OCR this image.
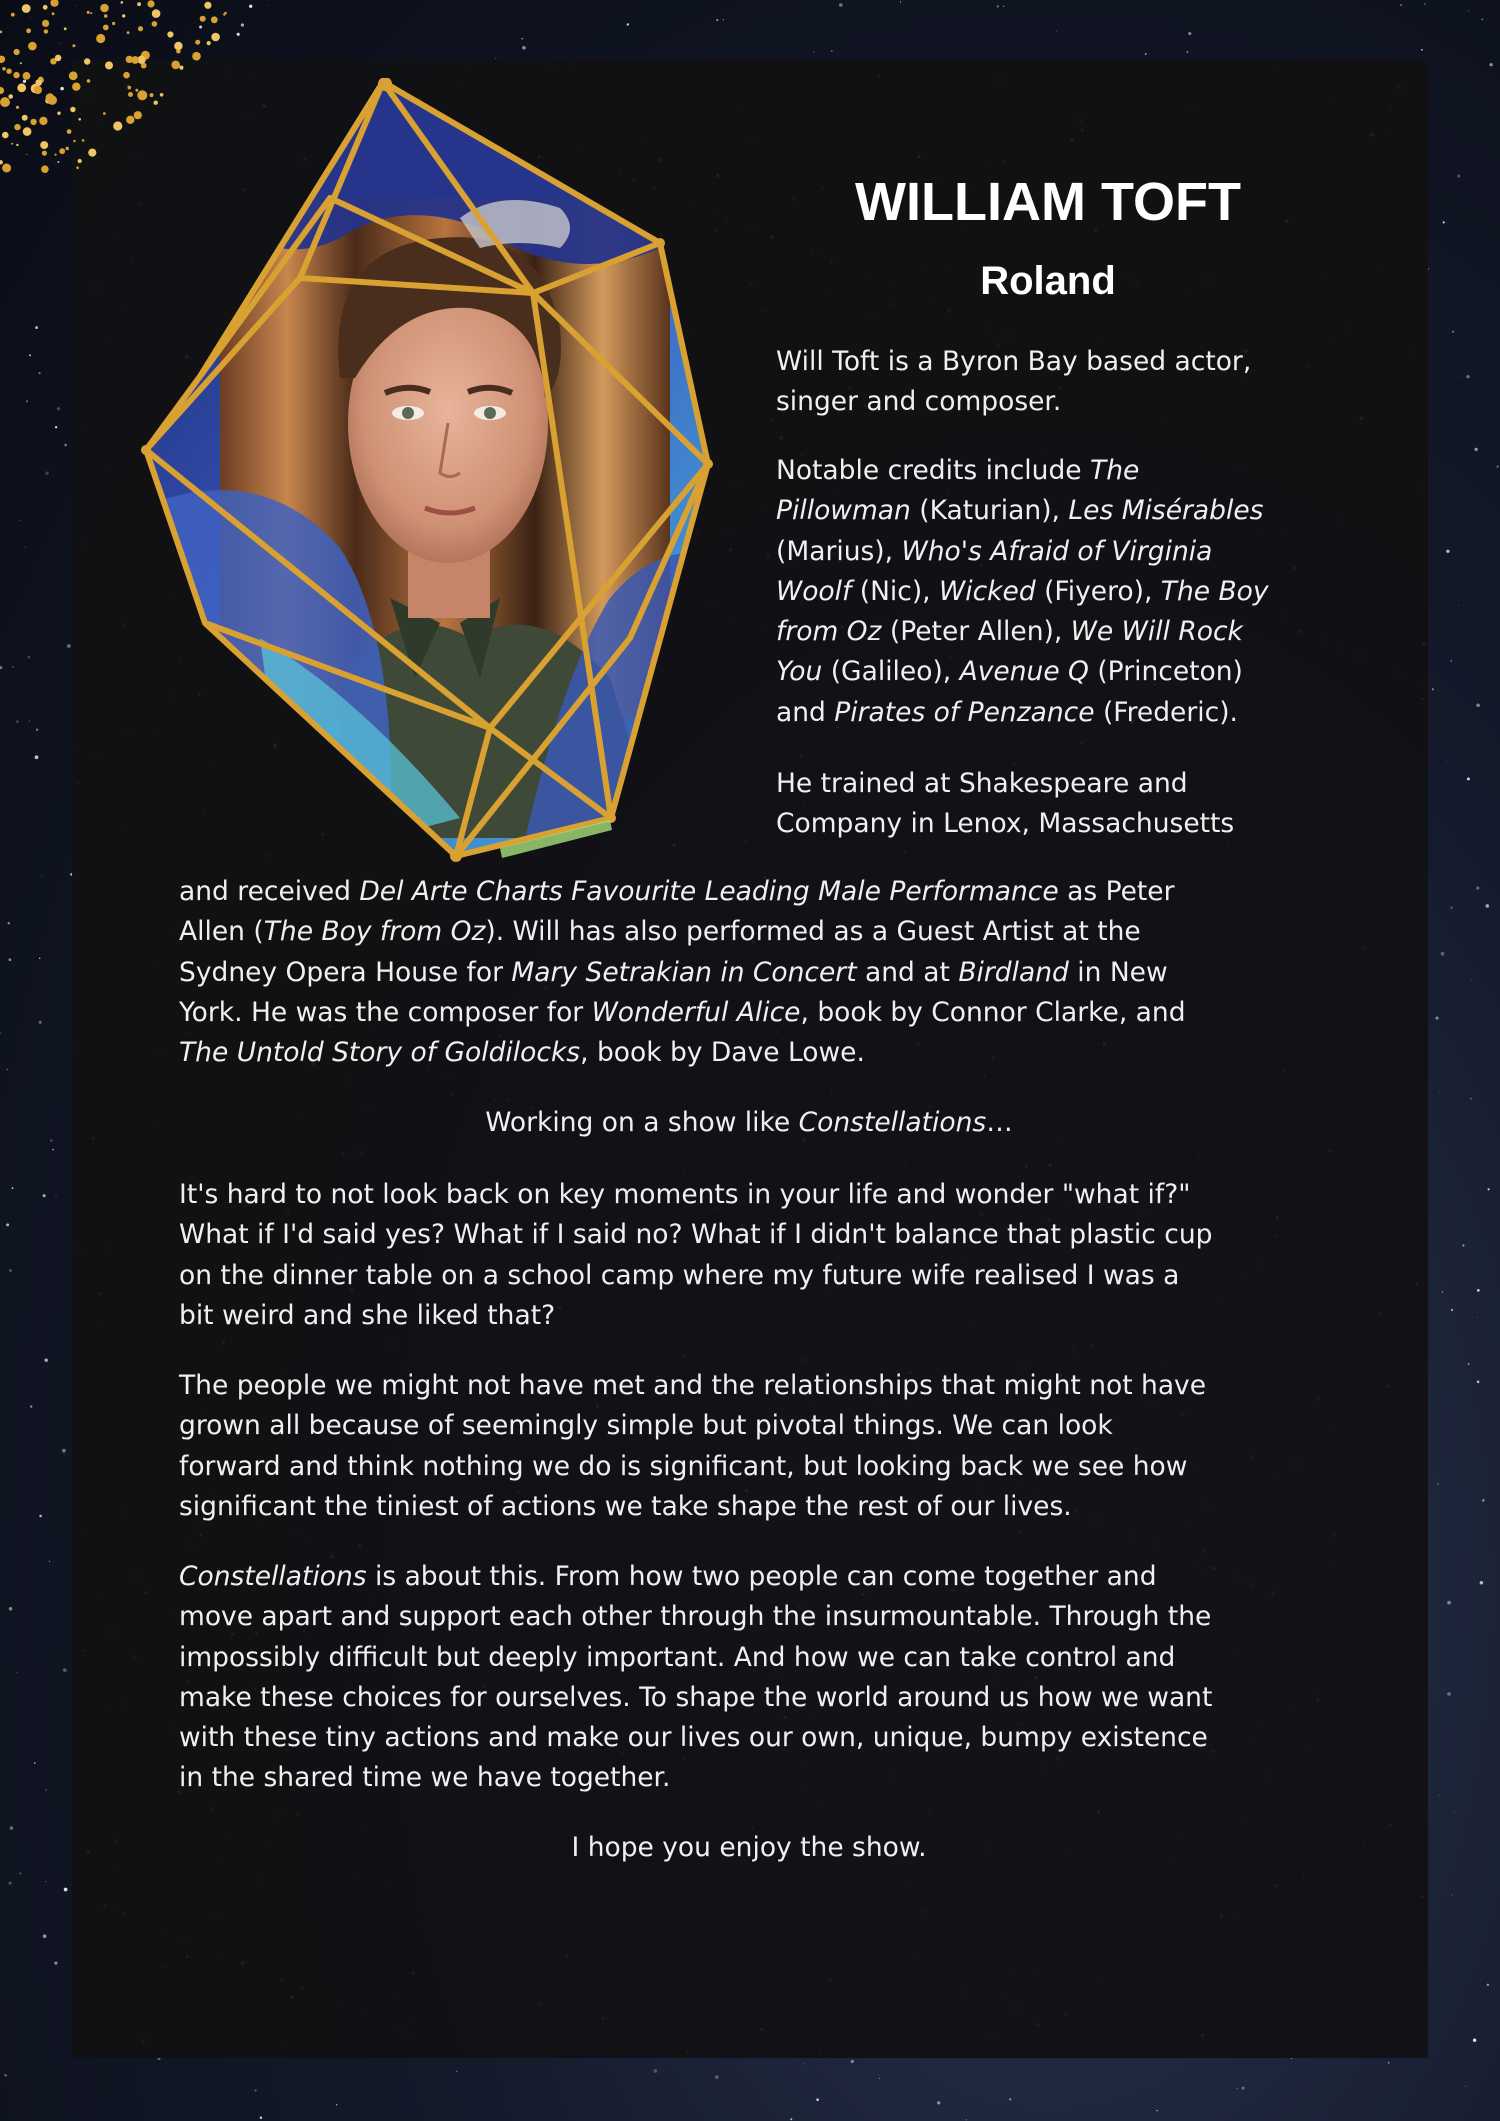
WILLIAM TOFT
Roland
Will Toft is a Byron Bay based actor,
singer and composer.
Notable credits include The
Pillowman (Katurian), Les Misérables
(Marius), Who's Afraid of Virginia
Woolf (Nic), Wicked (Fiyero), The Boy
from Oz (Peter Allen), We Will Rock
You (Galileo), Avenue Q (Princeton)
and Pirates of Penzance (Frederic).
He trained at Shakespeare and
Company in Lenox, Massachusetts
and received Del Arte Charts Favourite Leading Male Performance as Peter
Allen (The Boy from Oz). Will has also performed as a Guest Artist at the
Sydney Opera House for Mary Setrakian in Concert and at Birdland in New
York. He was the composer for Wonderful Alice, book by Connor Clarke, and
The Untold Story of Goldilocks, book by Dave Lowe.
Working on a show like Constellations…
It's hard to not look back on key moments in your life and wonder "what if?"
What if I'd said yes? What if I said no? What if I didn't balance that plastic cup
on the dinner table on a school camp where my future wife realised I was a
bit weird and she liked that?
The people we might not have met and the relationships that might not have
grown all because of seemingly simple but pivotal things. We can look
forward and think nothing we do is significant, but looking back we see how
significant the tiniest of actions we take shape the rest of our lives.
Constellations is about this. From how two people can come together and
move apart and support each other through the insurmountable. Through the
impossibly difficult but deeply important. And how we can take control and
make these choices for ourselves. To shape the world around us how we want
with these tiny actions and make our lives our own, unique, bumpy existence
in the shared time we have together.
I hope you enjoy the show.
